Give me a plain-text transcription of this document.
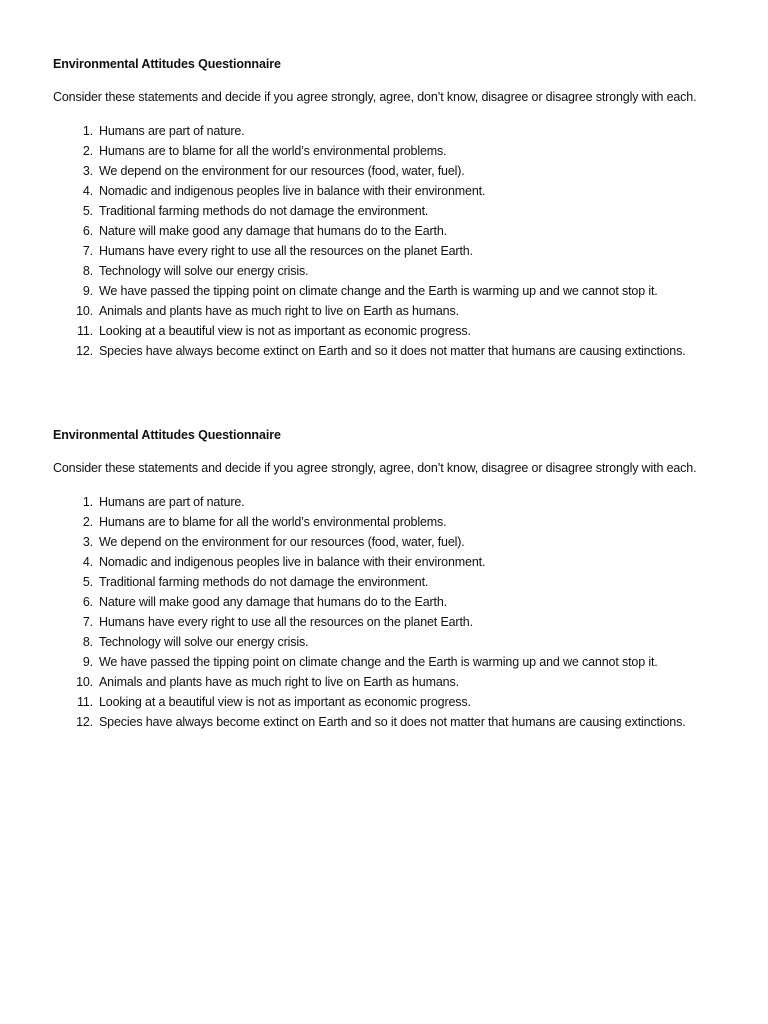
Environmental Attitudes Questionnaire

Consider these statements and decide if you agree strongly, agree, don’t know, disagree or disagree strongly with each.

1. Humans are part of nature.
2. Humans are to blame for all the world’s environmental problems.
3. We depend on the environment for our resources (food, water, fuel).
4. Nomadic and indigenous peoples live in balance with their environment.
5. Traditional farming methods do not damage the environment.
6. Nature will make good any damage that humans do to the Earth.
7. Humans have every right to use all the resources on the planet Earth.
8. Technology will solve our energy crisis.
9. We have passed the tipping point on climate change and the Earth is warming up and we cannot stop it.
10. Animals and plants have as much right to live on Earth as humans.
11. Looking at a beautiful view is not as important as economic progress.
12. Species have always become extinct on Earth and so it does not matter that humans are causing extinctions.

Environmental Attitudes Questionnaire

Consider these statements and decide if you agree strongly, agree, don’t know, disagree or disagree strongly with each.

1. Humans are part of nature.
2. Humans are to blame for all the world’s environmental problems.
3. We depend on the environment for our resources (food, water, fuel).
4. Nomadic and indigenous peoples live in balance with their environment.
5. Traditional farming methods do not damage the environment.
6. Nature will make good any damage that humans do to the Earth.
7. Humans have every right to use all the resources on the planet Earth.
8. Technology will solve our energy crisis.
9. We have passed the tipping point on climate change and the Earth is warming up and we cannot stop it.
10. Animals and plants have as much right to live on Earth as humans.
11. Looking at a beautiful view is not as important as economic progress.
12. Species have always become extinct on Earth and so it does not matter that humans are causing extinctions.
